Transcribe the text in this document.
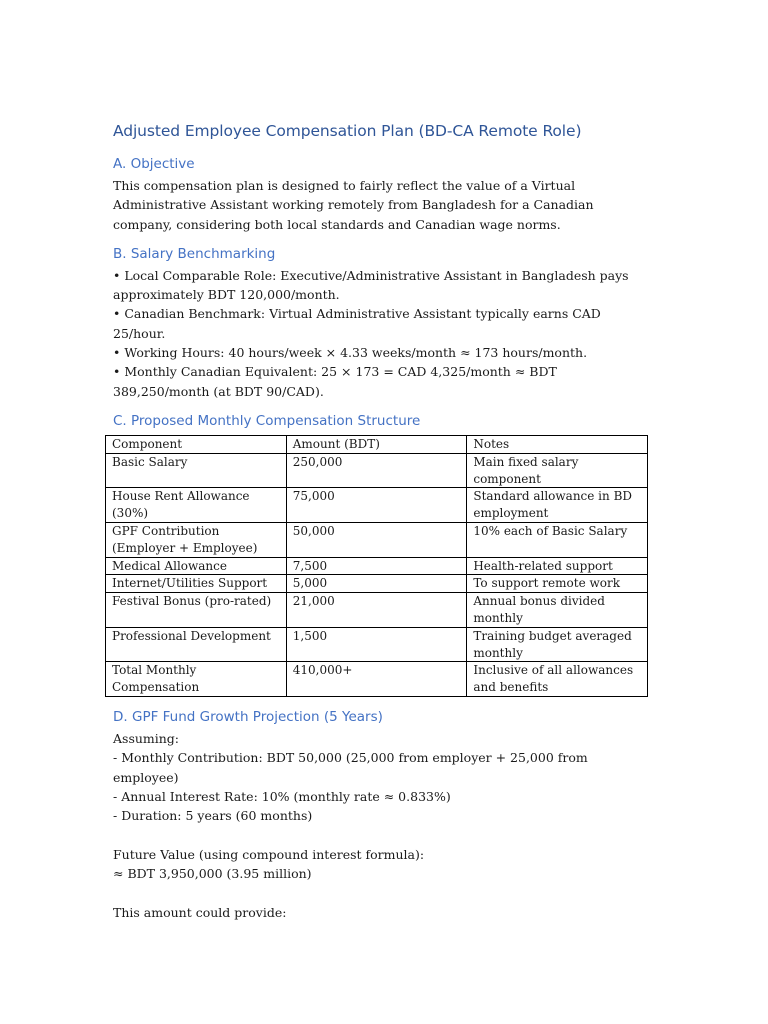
Adjusted Employee Compensation Plan (BD-CA Remote Role)
A. Objective

This compensation plan is designed to fairly reflect the value of a Virtual Administrative Assistant working remotely from Bangladesh for a Canadian company, considering both local standards and Canadian wage norms.

B. Salary Benchmarking

• Local Comparable Role: Executive/Administrative Assistant in Bangladesh pays approximately BDT 120,000/month.

• Canadian Benchmark: Virtual Administrative Assistant typically earns CAD 25/hour.

• Working Hours: 40 hours/week × 4.33 weeks/month ≈ 173 hours/month.

• Monthly Canadian Equivalent: 25 × 173 = CAD 4,325/month ≈ BDT 389,250/month (at BDT 90/CAD).

C. Proposed Monthly Compensation Structure
Component	Amount (BDT)	Notes
Basic Salary	250,000	Main fixed salary component
House Rent Allowance (30%)	75,000	Standard allowance in BD employment
GPF Contribution (Employer + Employee)	50,000	10% each of Basic Salary
Medical Allowance	7,500	Health-related support
Internet/Utilities Support	5,000	To support remote work
Festival Bonus (pro-rated)	21,000	Annual bonus divided monthly
Professional Development	1,500	Training budget averaged monthly
Total Monthly Compensation	410,000+	Inclusive of all allowances and benefits
D. GPF Fund Growth Projection (5 Years)

Assuming:

- Monthly Contribution: BDT 50,000 (25,000 from employer + 25,000 from employee)

- Annual Interest Rate: 10% (monthly rate ≈ 0.833%)

- Duration: 5 years (60 months)

Future Value (using compound interest formula):

≈ BDT 3,950,000 (3.95 million)

This amount could provide:
